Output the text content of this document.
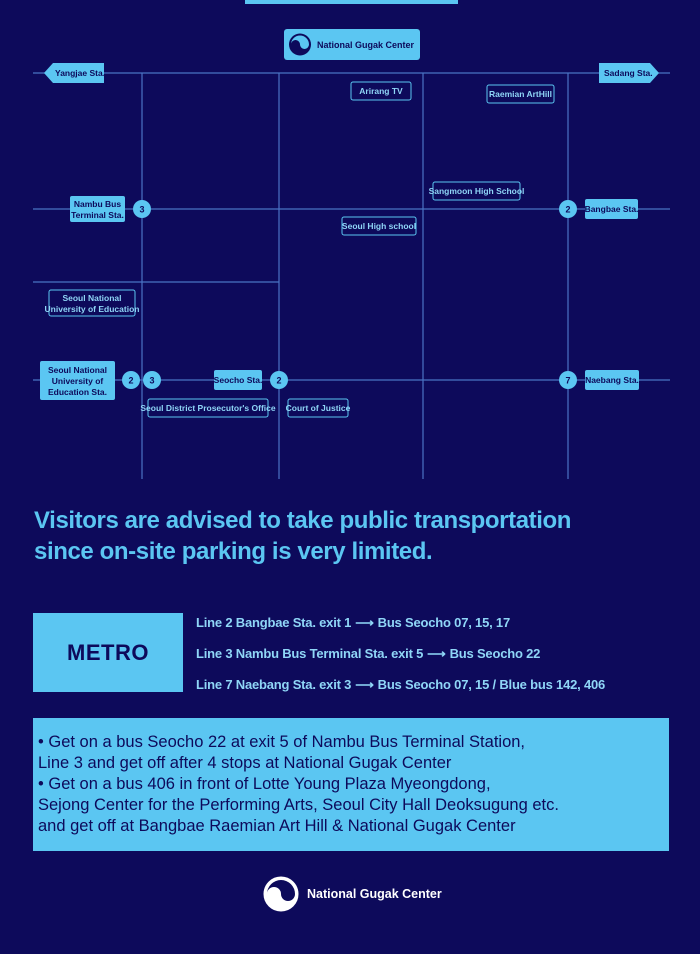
National Gugak Center
Yangjae Sta.	Sadang Sta.
Arirang TV	Raemian ArtHill
Sangmoon High School
Seoul High school
Seoul National
University of Education
Seoul District Prosecutor's Office Court of Justice
Nambu Bus
Terminal Sta.
3	2 Bangbae Sta.
Seoul National
University of
Education Sta.
2 3	Seocho Sta. 2	7 Naebang Sta.
Visitors are advised to take public transportation
since on-site parking is very limited.
METRO
Line 2 Bangbae Sta. exit 1 ⟶ Bus Seocho 07, 15, 17
Line 3 Nambu Bus Terminal Sta. exit 5 ⟶ Bus Seocho 22
Line 7 Naebang Sta. exit 3 ⟶ Bus Seocho 07, 15 / Blue bus 142, 406

• Get on a bus Seocho 22 at exit 5 of Nambu Bus Terminal Station,

Line 3 and get off after 4 stops at National Gugak Center

• Get on a bus 406 in front of Lotte Young Plaza Myeongdong,

Sejong Center for the Performing Arts, Seoul City Hall Deoksugung etc.

and get off at Bangbae Raemian Art Hill & National Gugak Center

National Gugak Center
